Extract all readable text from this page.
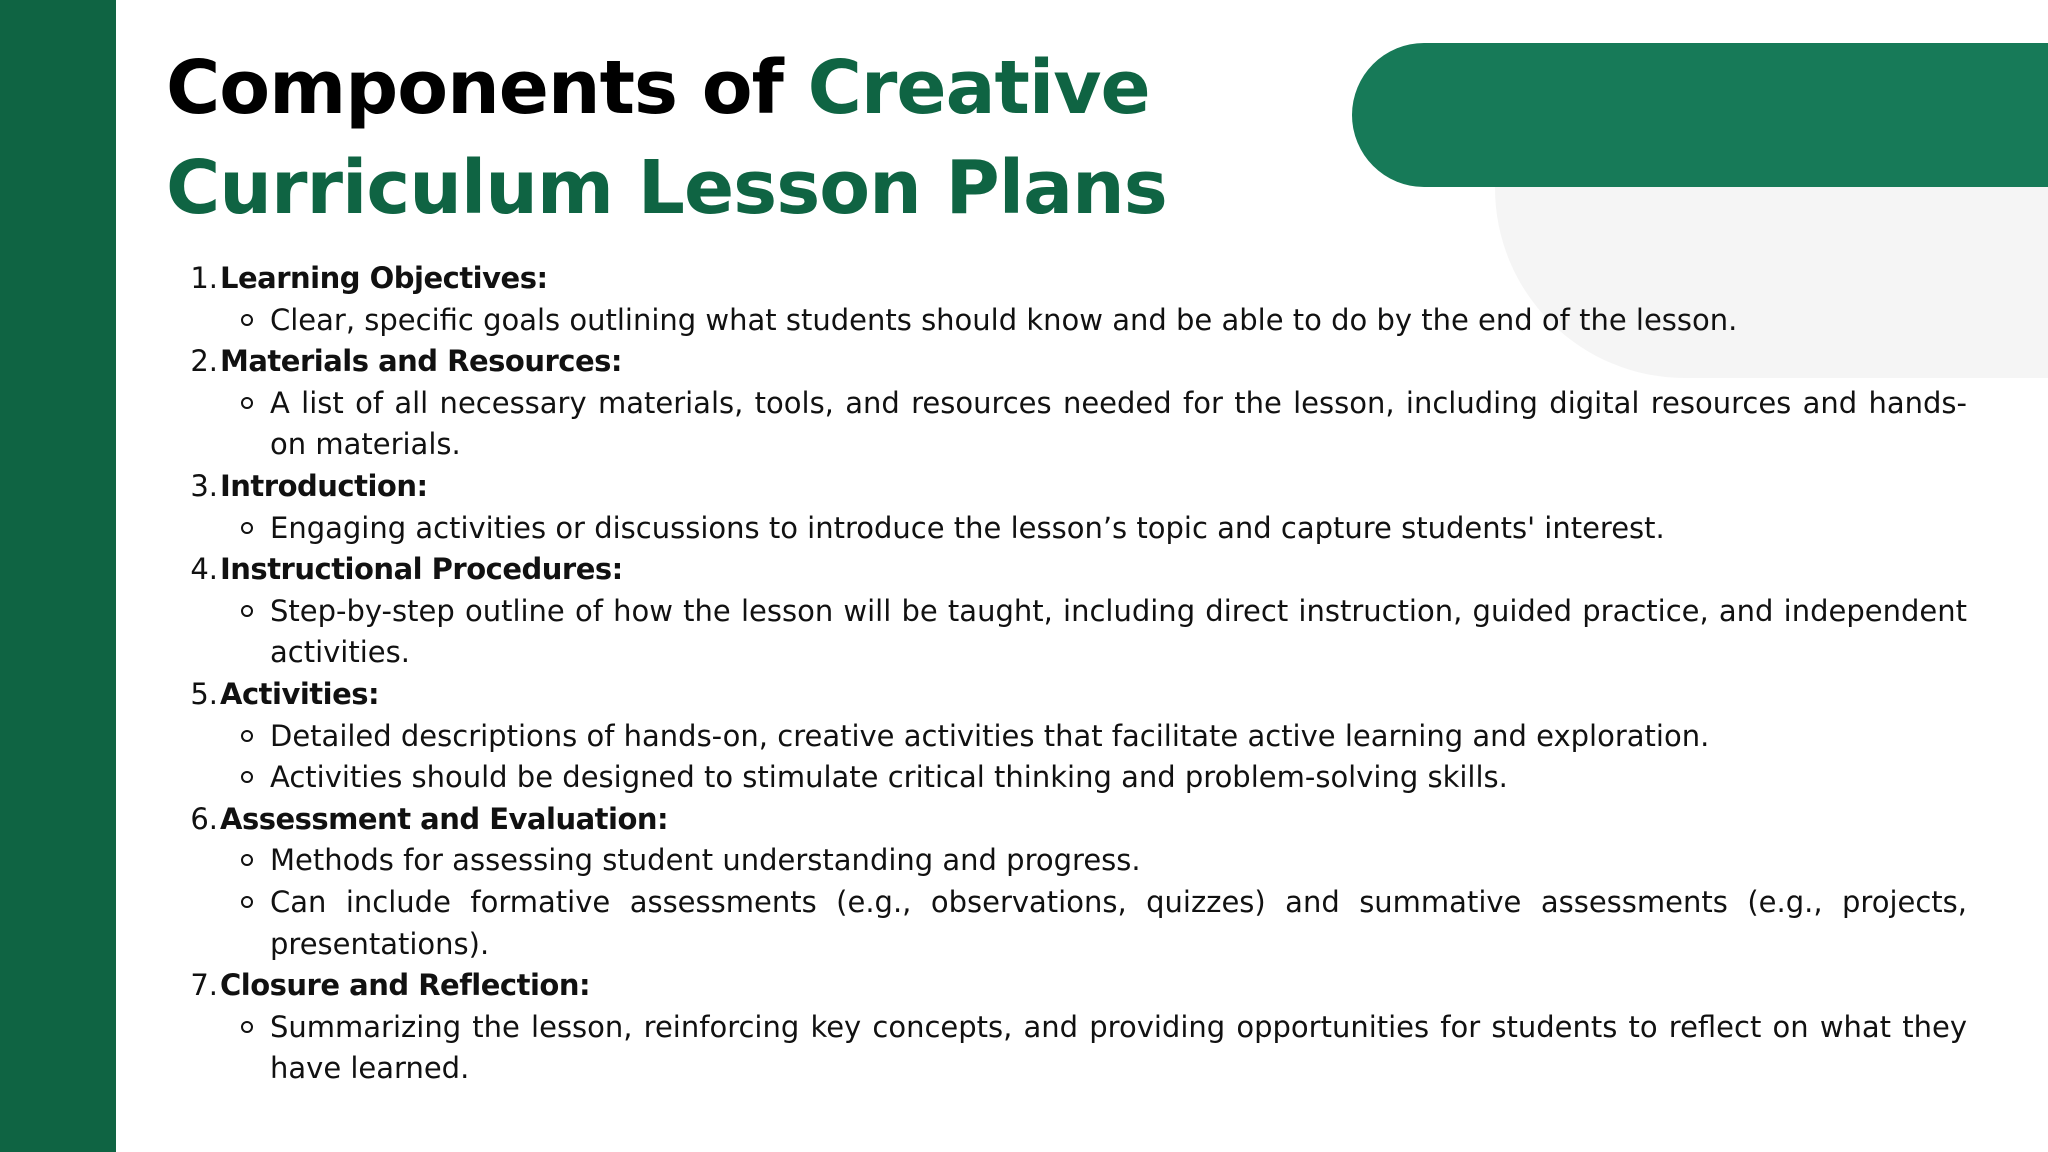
Components of Creative
Curriculum Lesson Plans
1. Learning Objectives:
Clear, specific goals outlining what students should know and be able to do by the end of the lesson.
2. Materials and Resources:
A list of all necessary materials, tools, and resources needed for the lesson, including digital resources and hands-on materials.
3. Introduction:
Engaging activities or discussions to introduce the lesson’s topic and capture students' interest.
4. Instructional Procedures:
Step-by-step outline of how the lesson will be taught, including direct instruction, guided practice, and independent activities.
5. Activities:
Detailed descriptions of hands-on, creative activities that facilitate active learning and exploration.
Activities should be designed to stimulate critical thinking and problem-solving skills.
6. Assessment and Evaluation:
Methods for assessing student understanding and progress.
Can include formative assessments (e.g., observations, quizzes) and summative assessments (e.g., projects, presentations).
7. Closure and Reflection:
Summarizing the lesson, reinforcing key concepts, and providing opportunities for students to reflect on what they have learned.
